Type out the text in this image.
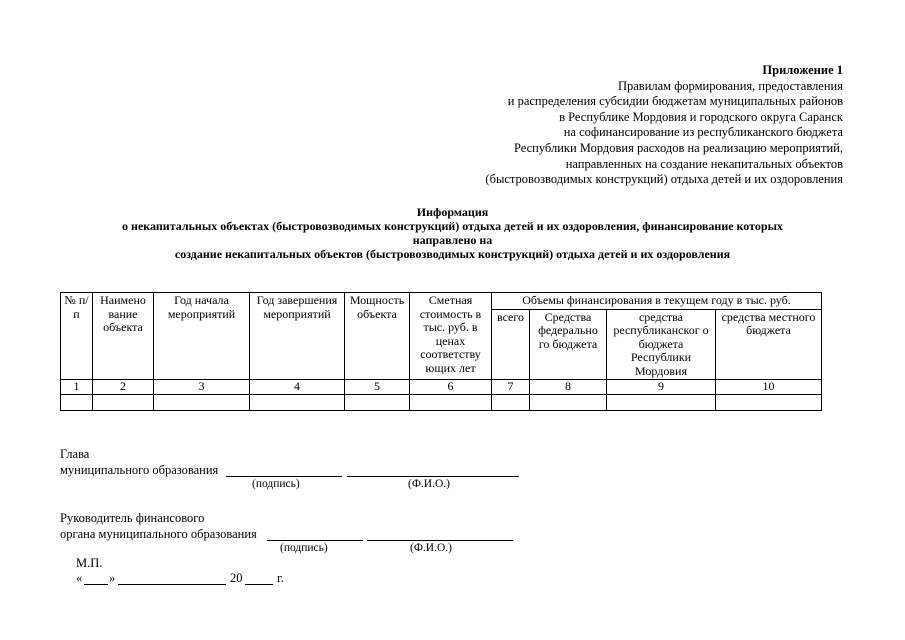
Приложение 1
Правилам формирования, предоставления
и распределения субсидии бюджетам муниципальных районов
в Республике Мордовия и городского округа Саранск
на софинансирование из республиканского бюджета
Республики Мордовия расходов на реализацию мероприятий,
направленных на создание некапитальных объектов
(быстровозводимых конструкций) отдыха детей и их оздоровления
Информация
о некапитальных объектах (быстровозводимых конструкций) отдыха детей и их оздоровления, финансирование которых
направлено на
создание некапитальных объектов (быстровозводимых конструкций) отдыха детей и их оздоровления
№ п/п	Наимено вание объекта	Год начала мероприятий	Год завершения мероприятий	Мощность объекта	Сметная стоимость в тыс. руб. в ценах соответству ющих лет	Объемы финансирования в текущем году в тыс. руб.			
						всего	Средства федерально го бюджета	средства республиканског о бюджета Республики Мордовия	средства местного бюджета
1	2	3	4	5	6	7	8	9	10

Глава
муниципального образования
(подпись)	(Ф.И.О.)
Руководитель финансового
органа муниципального образования
(подпись)	(Ф.И.О.)
М.П.
« »	20	г.
